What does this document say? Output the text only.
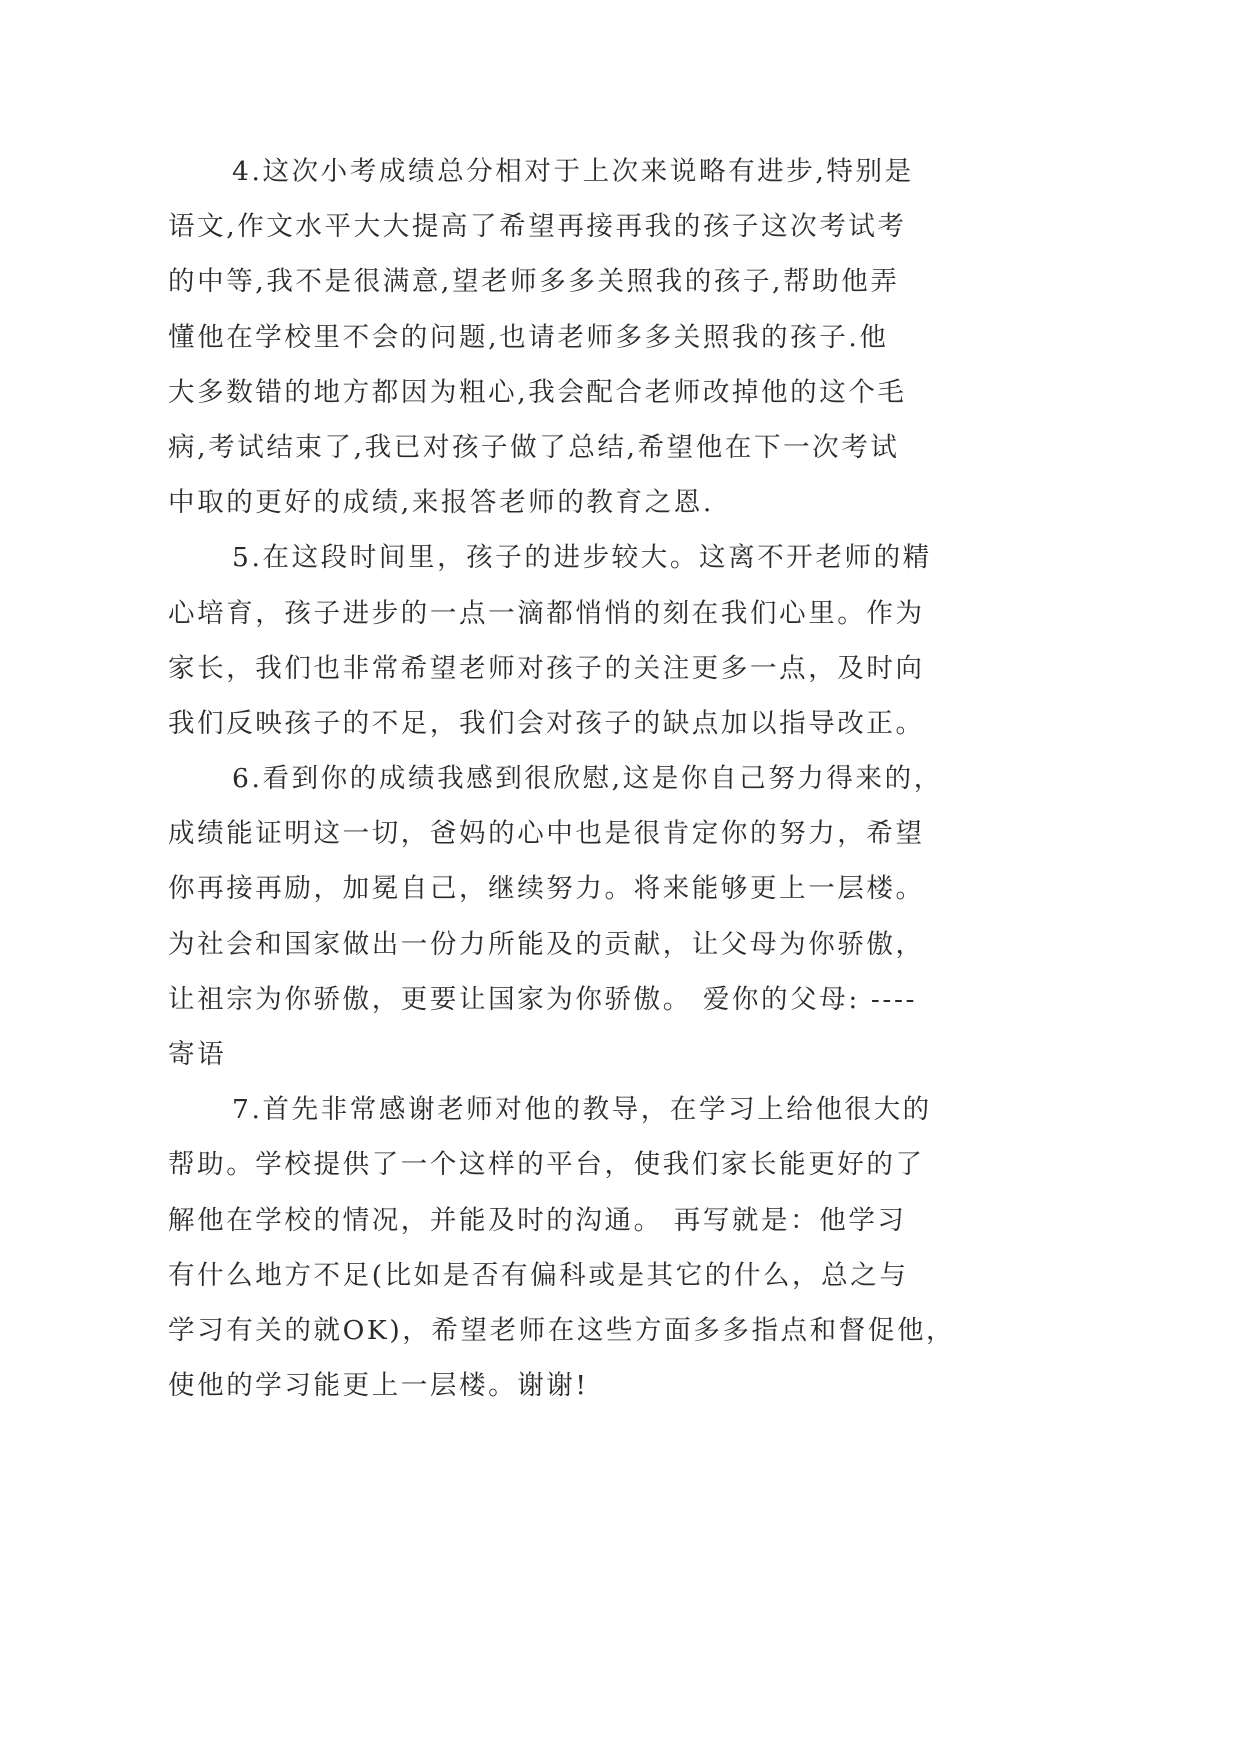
4.这次小考成绩总分相对于上次来说略有进步,特别是
语文,作文水平大大提高了希望再接再我的孩子这次考试考
的中等,我不是很满意,望老师多多关照我的孩子,帮助他弄
懂他在学校里不会的问题,也请老师多多关照我的孩子.他
大多数错的地方都因为粗心,我会配合老师改掉他的这个毛
病,考试结束了,我已对孩子做了总结,希望他在下一次考试
中取的更好的成绩,来报答老师的教育之恩.
5.在这段时间里，孩子的进步较大。这离不开老师的精
心培育，孩子进步的一点一滴都悄悄的刻在我们心里。作为
家长，我们也非常希望老师对孩子的关注更多一点，及时向
我们反映孩子的不足，我们会对孩子的缺点加以指导改正。
6.看到你的成绩我感到很欣慰,这是你自己努力得来的，
成绩能证明这一切，爸妈的心中也是很肯定你的努力，希望
你再接再励，加冕自己，继续努力。将来能够更上一层楼。
为社会和国家做出一份力所能及的贡献，让父母为你骄傲，
让祖宗为你骄傲，更要让国家为你骄傲。 爱你的父母: ----
寄语
7.首先非常感谢老师对他的教导，在学习上给他很大的
帮助。学校提供了一个这样的平台，使我们家长能更好的了
解他在学校的情况，并能及时的沟通。 再写就是：他学习
有什么地方不足(比如是否有偏科或是其它的什么，总之与
学习有关的就OK)，希望老师在这些方面多多指点和督促他，
使他的学习能更上一层楼。谢谢!
